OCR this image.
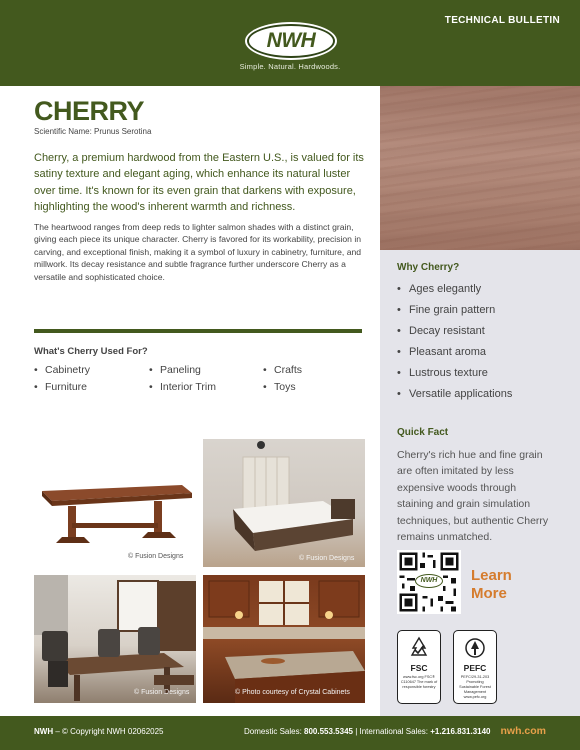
TECHNICAL BULLETIN
NWH
Simple. Natural. Hardwoods.
Why Cherry?
• Ages elegantly
• Fine grain pattern
• Decay resistant
• Pleasant aroma
• Lustrous texture
• Versatile applications
Quick Fact
Cherry's rich hue and fine grain are often imitated by less expensive woods through staining and grain simulation techniques, but authentic Cherry remains unmatched.
NWH	Learn
More
FSC
www.fsc.org FSC® C110647 The mark of responsible forestry
PEFC
PEFC/29-31-203 Promoting Sustainable Forest Management www.pefc.org
CHERRY
Scientific Name: Prunus Serotina
Cherry, a premium hardwood from the Eastern U.S., is valued for its satiny texture and elegant aging, which enhance its natural luster over time. It's known for its even grain that darkens with exposure, highlighting the wood's inherent warmth and richness.
The heartwood ranges from deep reds to lighter salmon shades with a distinct grain, giving each piece its unique character. Cherry is favored for its workability, precision in carving, and exceptional finish, making it a symbol of luxury in cabinetry, furniture, and millwork. Its decay resistance and subtle fragrance further underscore Cherry as a versatile and sophisticated choice.
What's Cherry Used For?
• Cabinetry	• Paneling	• Crafts
• Furniture	• Interior Trim	• Toys
© Fusion Designs	© Fusion Designs
© Fusion Designs	© Photo courtesy of Crystal Cabinets
NWH – © Copyright NWH 02062025	Domestic Sales: 800.553.5345 | International Sales: +1.216.831.3140 nwh.com
